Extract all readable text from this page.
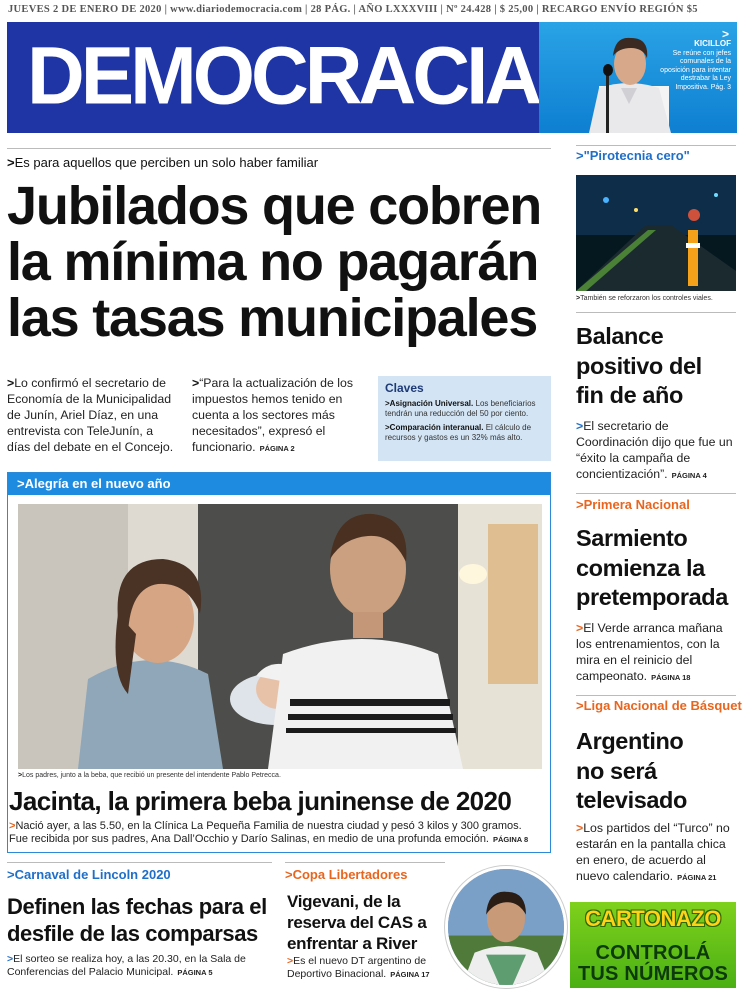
JUEVES 2 DE ENERO DE 2020 | www.diariodemocracia.com | 28 PÁG. | AÑO LXXXVIII | Nº 24.428 | $ 25,00 | RECARGO ENVÍO REGIÓN $5
DEMOCRACIA	>
KICILLOF
Se reúne con jefes comunales de la oposición para intentar destrabar la Ley Impositiva. Pág. 3
>Es para aquellos que perciben un solo haber familiar
Jubilados que cobren
la mínima no pagarán
las tasas municipales
>Lo confirmó el secretario de Economía de la Municipalidad de Junín, Ariel Díaz, en una entrevista con TeleJunín, a días del debate en el Concejo.
>“Para la actualización de los impuestos hemos tenido en cuenta a los sectores más necesitados”, expresó el funcionario. PÁGINA 2
Claves

>Asignación Universal. Los beneficiarios tendrán una reducción del 50 por ciento.

>Comparación interanual. El cálculo de recursos y gastos es un 32% más alto.

>Alegría en el nuevo año
>Los padres, junto a la beba, que recibió un presente del intendente Pablo Petrecca.
Jacinta, la primera beba juninense de 2020
>Nació ayer, a las 5.50, en la Clínica La Pequeña Familia de nuestra ciudad y pesó 3 kilos y 300 gramos. Fue recibida por sus padres, Ana Dall’Occhio y Darío Salinas, en medio de una profunda emoción. PÁGINA 8
>"Pirotecnia cero"
>También se reforzaron los controles viales.
Balance
positivo del
fin de año
>El secretario de Coordinación dijo que fue un “éxito la campaña de concientización”. PÁGINA 4
>Primera Nacional
Sarmiento
comienza la
pretemporada
>El Verde arranca mañana los entrenamientos, con la mira en el reinicio del campeonato. PÁGINA 18
>Liga Nacional de Básquet
Argentino
no será
televisado
>Los partidos del “Turco” no estarán en la pantalla chica en enero, de acuerdo al nuevo calendario. PÁGINA 21
>Carnaval de Lincoln 2020
Definen las fechas para el
desfile de las comparsas
>El sorteo se realiza hoy, a las 20.30, en la Sala de Conferencias del Palacio Municipal. PÁGINA 5
>Copa Libertadores
Vigevani, de la
reserva del CAS a
enfrentar a River
>Es el nuevo DT argentino de Deportivo Binacional. PÁGINA 17
CARTONAZO
CONTROLÁ
TUS NÚMEROS
